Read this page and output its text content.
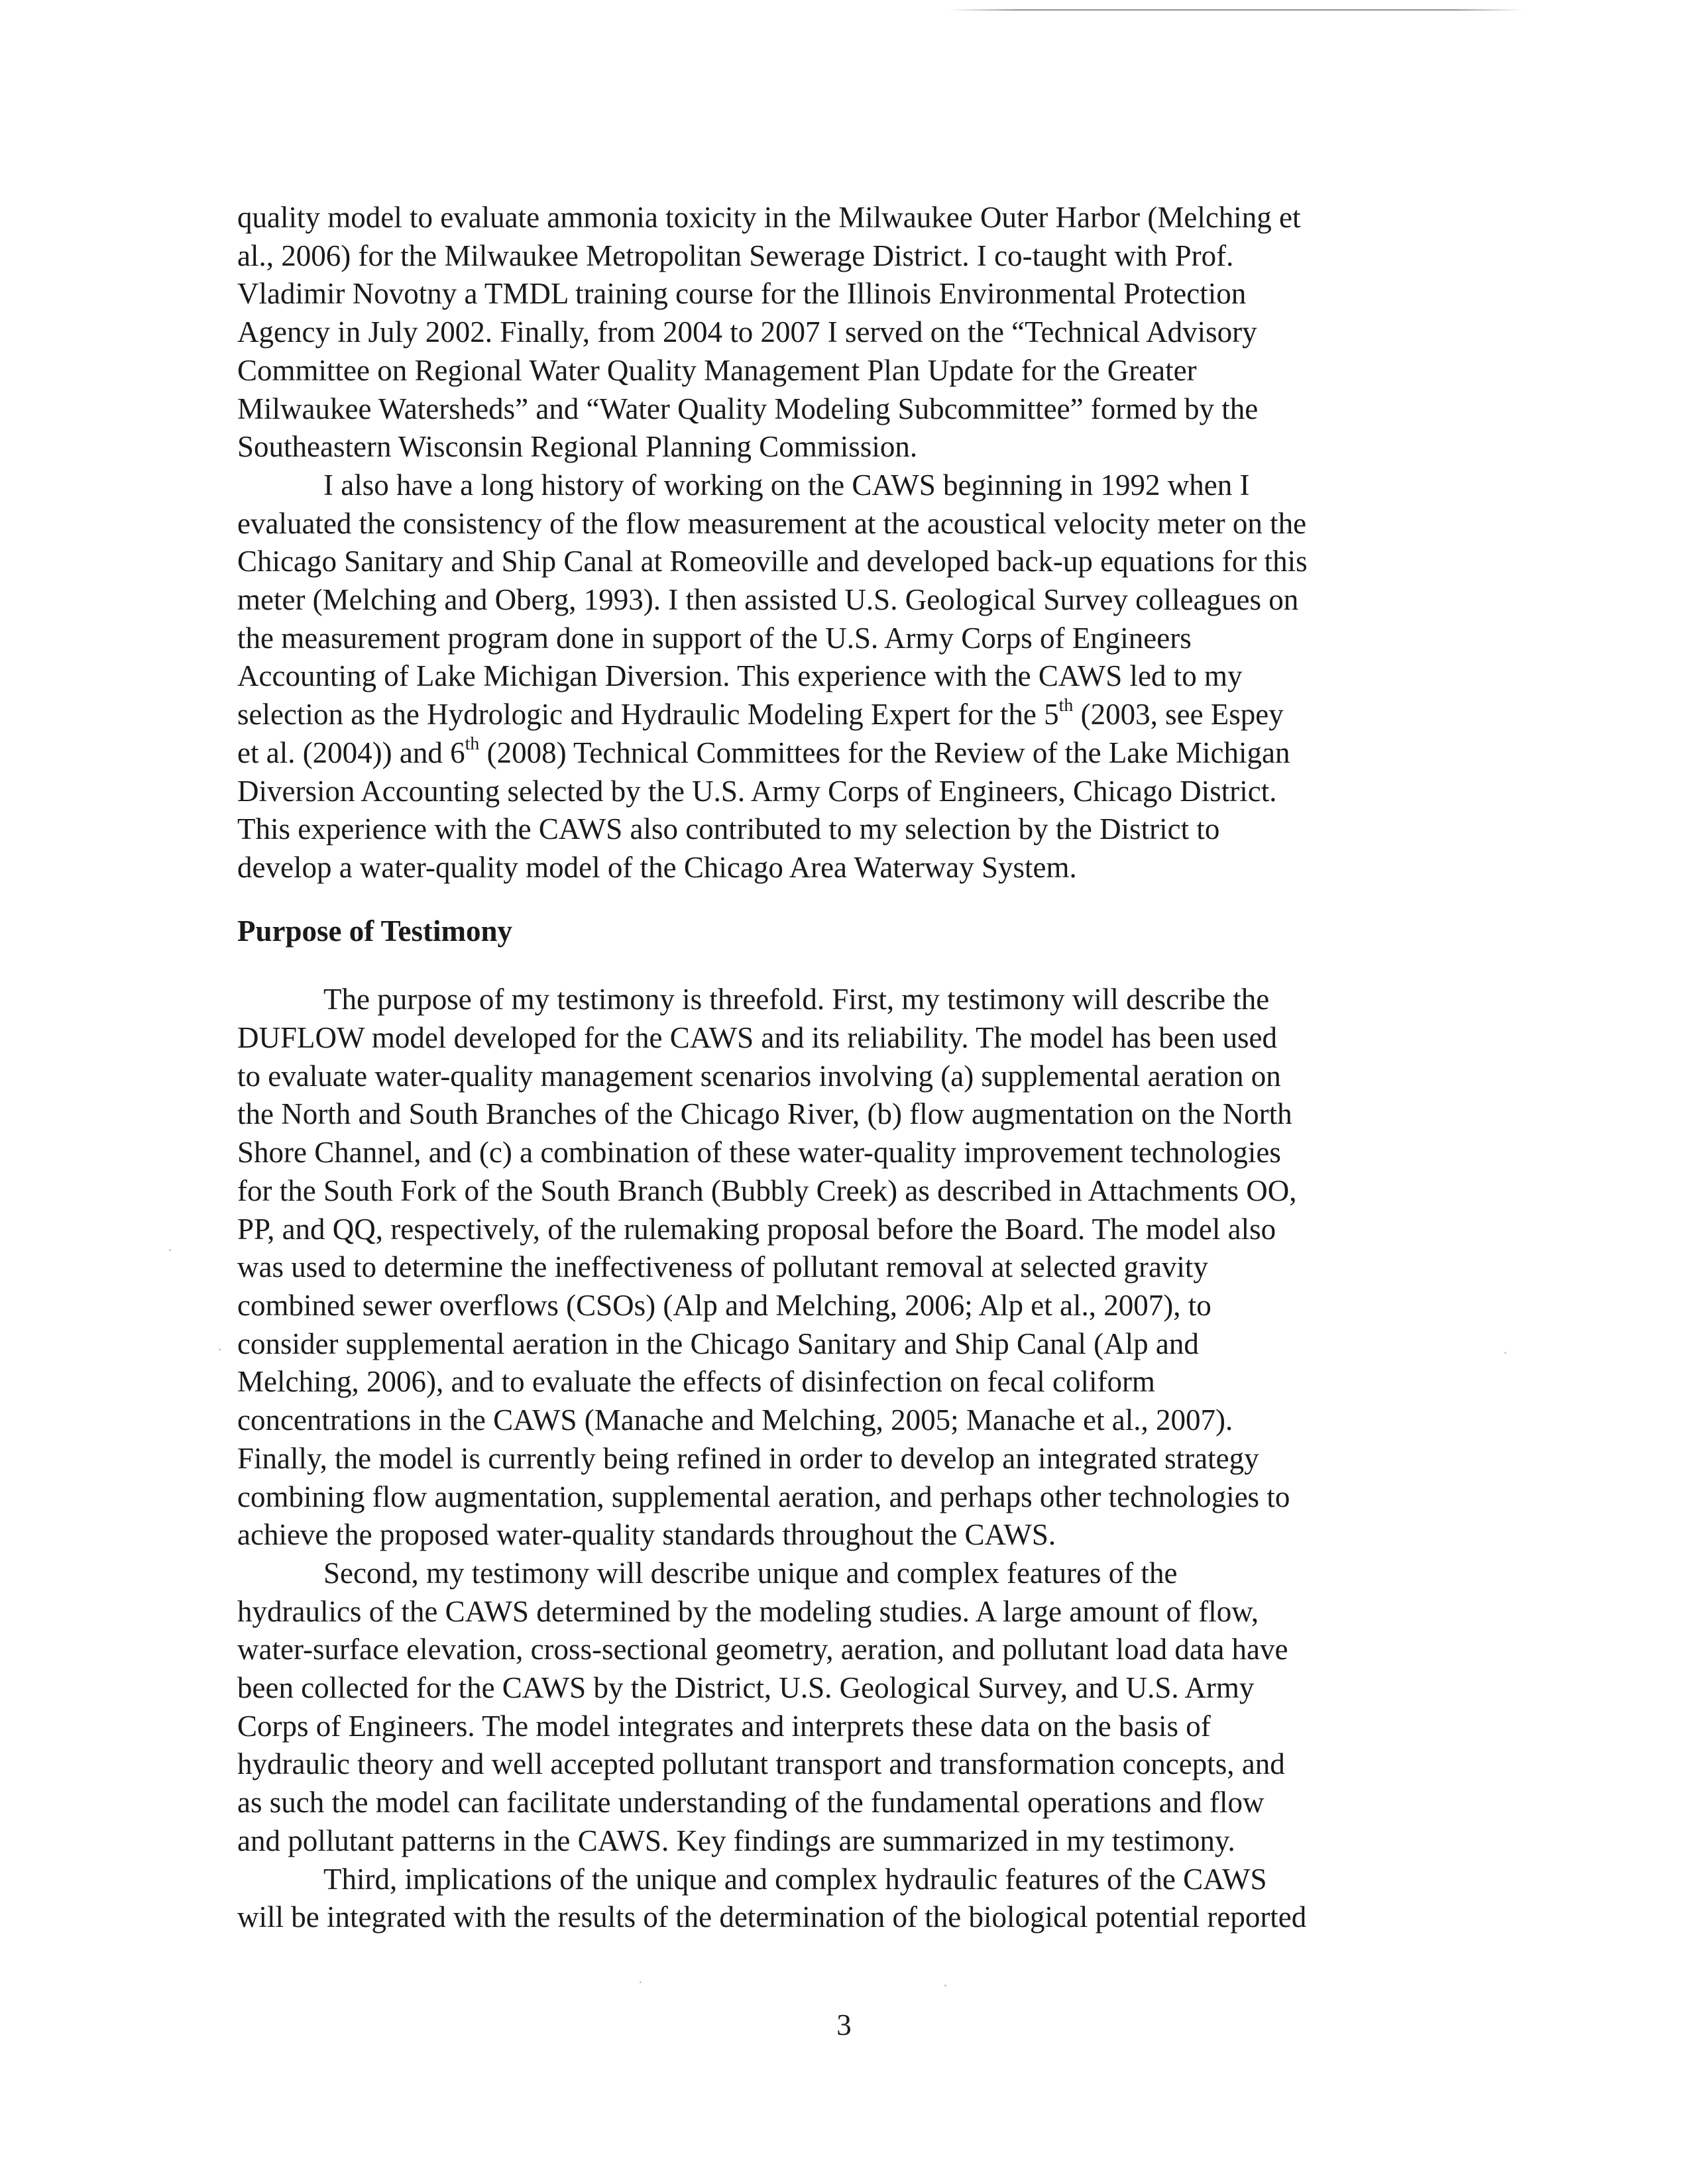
quality model to evaluate ammonia toxicity in the Milwaukee Outer Harbor (Melching et
al., 2006) for the Milwaukee Metropolitan Sewerage District. I co-taught with Prof.
Vladimir Novotny a TMDL training course for the Illinois Environmental Protection
Agency in July 2002. Finally, from 2004 to 2007 I served on the “Technical Advisory
Committee on Regional Water Quality Management Plan Update for the Greater
Milwaukee Watersheds” and “Water Quality Modeling Subcommittee” formed by the
Southeastern Wisconsin Regional Planning Commission.
I also have a long history of working on the CAWS beginning in 1992 when I
evaluated the consistency of the flow measurement at the acoustical velocity meter on the
Chicago Sanitary and Ship Canal at Romeoville and developed back-up equations for this
meter (Melching and Oberg, 1993). I then assisted U.S. Geological Survey colleagues on
the measurement program done in support of the U.S. Army Corps of Engineers
Accounting of Lake Michigan Diversion. This experience with the CAWS led to my
selection as the Hydrologic and Hydraulic Modeling Expert for the 5th (2003, see Espey
et al. (2004)) and 6th (2008) Technical Committees for the Review of the Lake Michigan
Diversion Accounting selected by the U.S. Army Corps of Engineers, Chicago District.
This experience with the CAWS also contributed to my selection by the District to
develop a water-quality model of the Chicago Area Waterway System.
Purpose of Testimony
The purpose of my testimony is threefold. First, my testimony will describe the
DUFLOW model developed for the CAWS and its reliability. The model has been used
to evaluate water-quality management scenarios involving (a) supplemental aeration on
the North and South Branches of the Chicago River, (b) flow augmentation on the North
Shore Channel, and (c) a combination of these water-quality improvement technologies
for the South Fork of the South Branch (Bubbly Creek) as described in Attachments OO,
PP, and QQ, respectively, of the rulemaking proposal before the Board. The model also
was used to determine the ineffectiveness of pollutant removal at selected gravity
combined sewer overflows (CSOs) (Alp and Melching, 2006; Alp et al., 2007), to
consider supplemental aeration in the Chicago Sanitary and Ship Canal (Alp and
Melching, 2006), and to evaluate the effects of disinfection on fecal coliform
concentrations in the CAWS (Manache and Melching, 2005; Manache et al., 2007).
Finally, the model is currently being refined in order to develop an integrated strategy
combining flow augmentation, supplemental aeration, and perhaps other technologies to
achieve the proposed water-quality standards throughout the CAWS.
Second, my testimony will describe unique and complex features of the
hydraulics of the CAWS determined by the modeling studies. A large amount of flow,
water-surface elevation, cross-sectional geometry, aeration, and pollutant load data have
been collected for the CAWS by the District, U.S. Geological Survey, and U.S. Army
Corps of Engineers. The model integrates and interprets these data on the basis of
hydraulic theory and well accepted pollutant transport and transformation concepts, and
as such the model can facilitate understanding of the fundamental operations and flow
and pollutant patterns in the CAWS. Key findings are summarized in my testimony.
Third, implications of the unique and complex hydraulic features of the CAWS
will be integrated with the results of the determination of the biological potential reported
3
